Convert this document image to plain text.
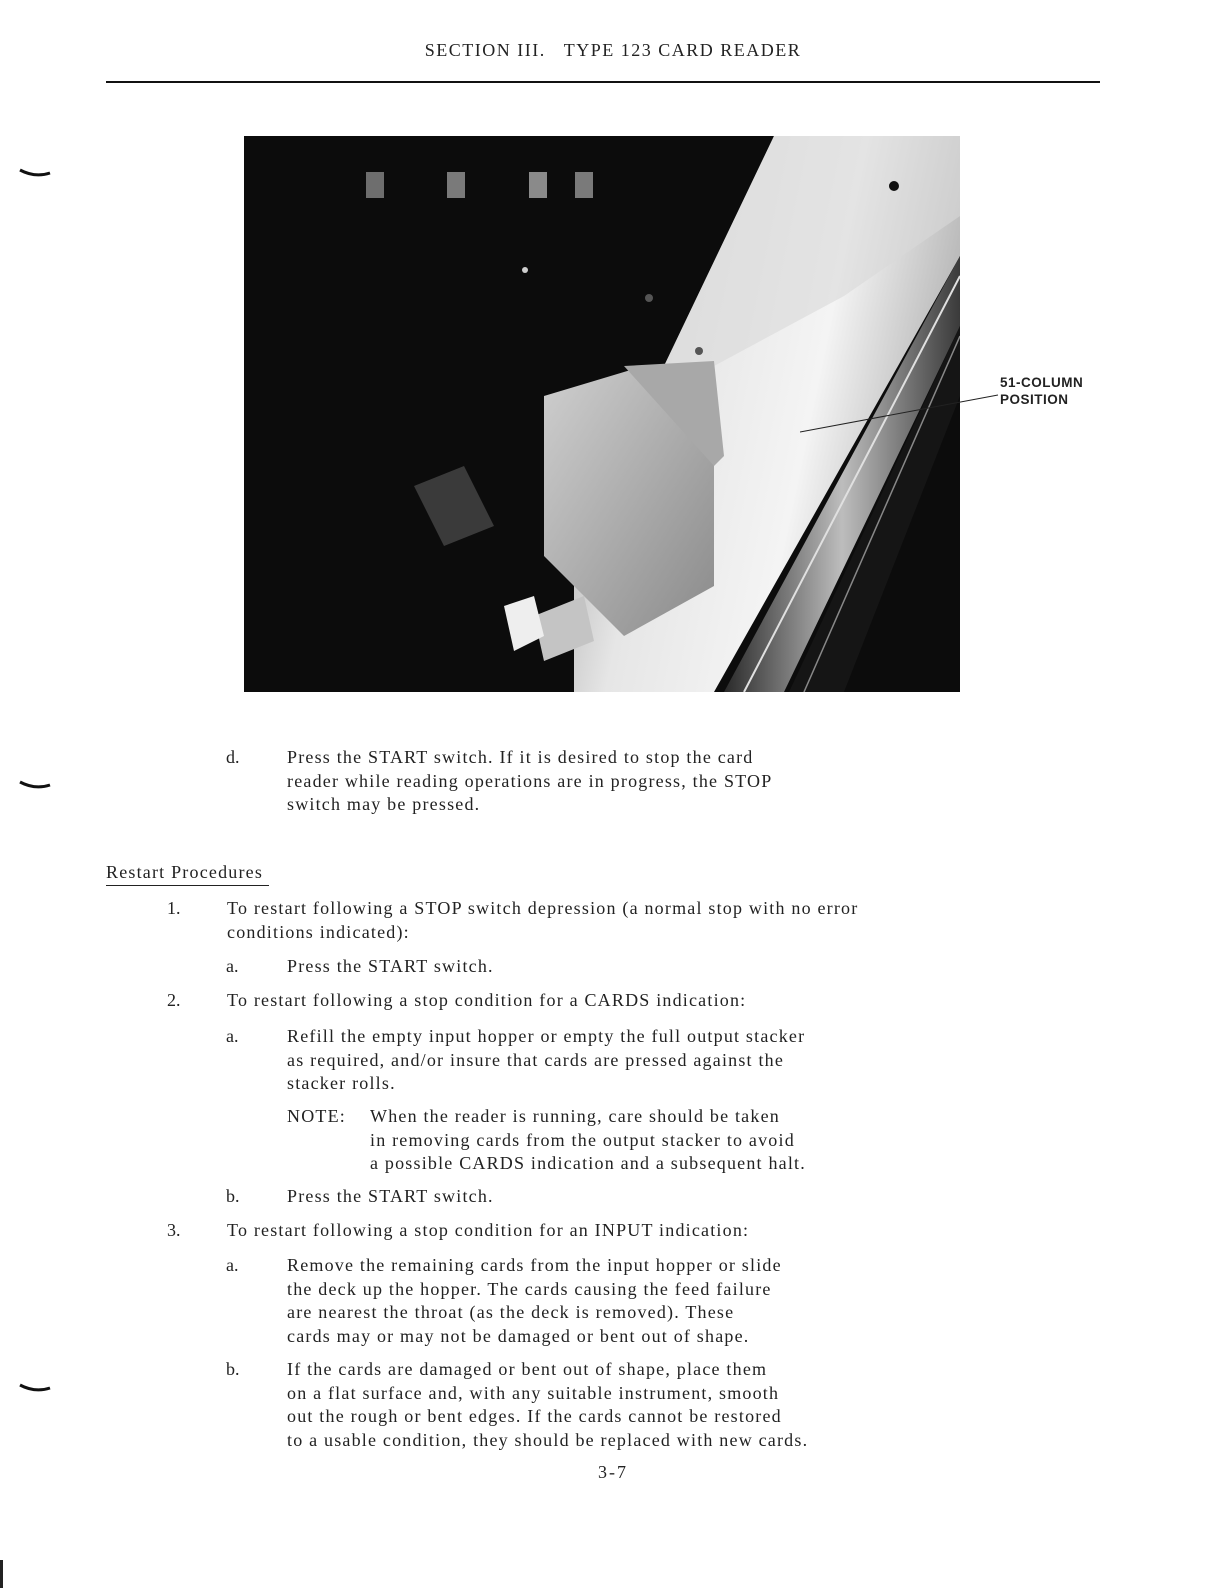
SECTION III. TYPE 123 CARD READER
51-COLUMN
POSITION
d.	Press the START switch. If it is desired to stop the card
reader while reading operations are in progress, the STOP
switch may be pressed.
Restart Procedures
1.	To restart following a STOP switch depression (a normal stop with no error
conditions indicated):
a.	Press the START switch.
2.	To restart following a stop condition for a CARDS indication:
a.	Refill the empty input hopper or empty the full output stacker
as required, and/or insure that cards are pressed against the
stacker rolls.
NOTE: When the reader is running, care should be taken
in removing cards from the output stacker to avoid
a possible CARDS indication and a subsequent halt.
b.	Press the START switch.
3.	To restart following a stop condition for an INPUT indication:
a.	Remove the remaining cards from the input hopper or slide
the deck up the hopper. The cards causing the feed failure
are nearest the throat (as the deck is removed). These
cards may or may not be damaged or bent out of shape.
b.	If the cards are damaged or bent out of shape, place them
on a flat surface and, with any suitable instrument, smooth
out the rough or bent edges. If the cards cannot be restored
to a usable condition, they should be replaced with new cards.
3-7
